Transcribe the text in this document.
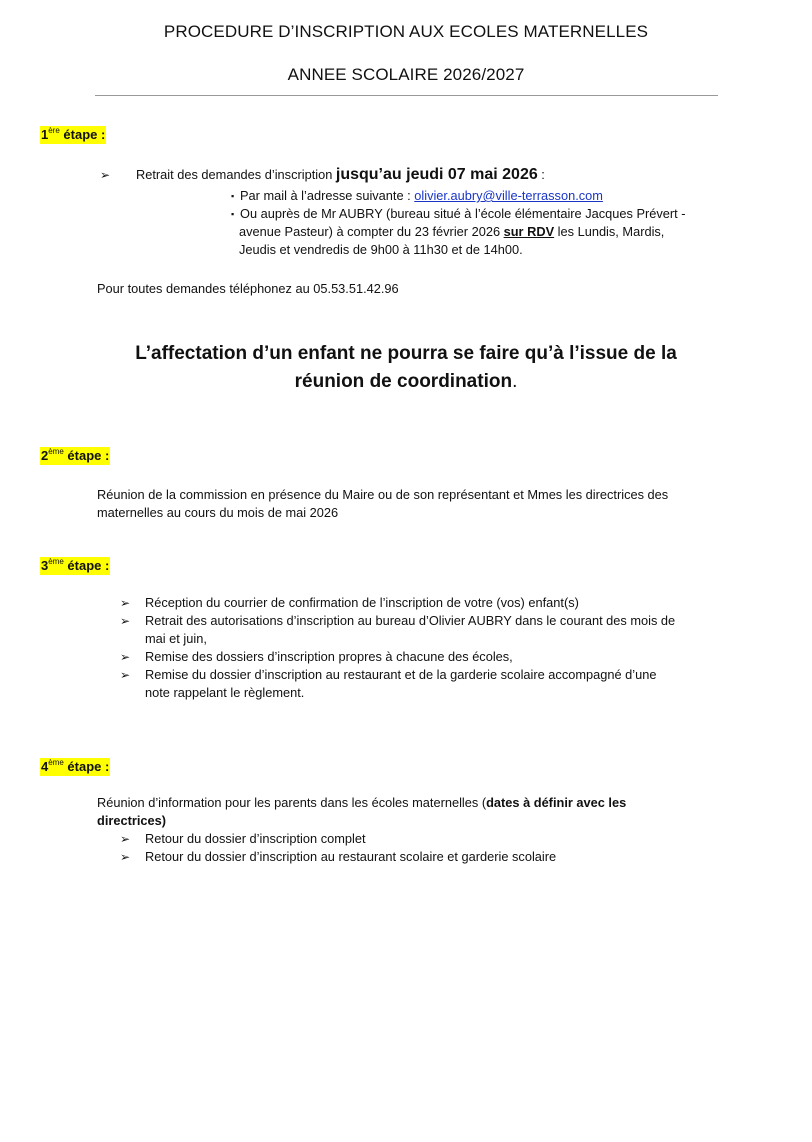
PROCEDURE D’INSCRIPTION AUX ECOLES MATERNELLES
ANNEE SCOLAIRE 2026/2027
1ère étape :
➢ Retrait des demandes d’inscription jusqu’au jeudi 07 mai 2026 :
▪ Par mail à l’adresse suivante : olivier.aubry@ville-terrasson.com
▪ Ou auprès de Mr AUBRY (bureau situé à l’école élémentaire Jacques Prévert -
avenue Pasteur) à compter du 23 février 2026 sur RDV les Lundis, Mardis,
Jeudis et vendredis de 9h00 à 11h30 et de 14h00.
Pour toutes demandes téléphonez au 05.53.51.42.96
L’affectation d’un enfant ne pourra se faire qu’à l’issue de la
réunion de coordination.
2ème étape :
Réunion de la commission en présence du Maire ou de son représentant et Mmes les directrices des
maternelles au cours du mois de mai 2026
3ème étape :
➢ Réception du courrier de confirmation de l’inscription de votre (vos) enfant(s)
➢ Retrait des autorisations d’inscription au bureau d’Olivier AUBRY dans le courant des mois de
mai et juin,
➢ Remise des dossiers d’inscription propres à chacune des écoles,
➢ Remise du dossier d’inscription au restaurant et de la garderie scolaire accompagné d’une
note rappelant le règlement.
4ème étape :
Réunion d’information pour les parents dans les écoles maternelles (dates à définir avec les
directrices)
➢ Retour du dossier d’inscription complet
➢ Retour du dossier d’inscription au restaurant scolaire et garderie scolaire
